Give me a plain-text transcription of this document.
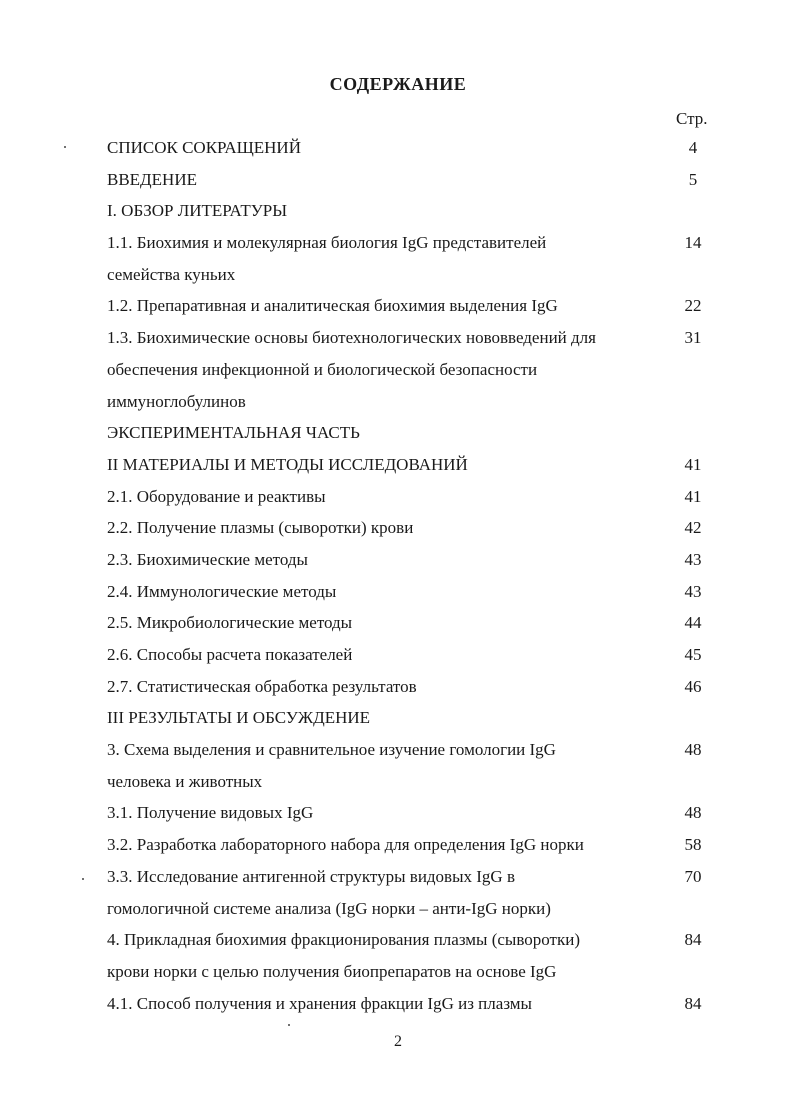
СОДЕРЖАНИЕ
Стр.
СПИСОК СОКРАЩЕНИЙ	4
ВВЕДЕНИЕ	5
I. ОБЗОР ЛИТЕРАТУРЫ
1.1. Биохимия и молекулярная биология IgG представителей	14
семейства куньих
1.2. Препаративная и аналитическая биохимия выделения IgG	22
1.3. Биохимические основы биотехнологических нововведений для	31
обеспечения инфекционной и биологической безопасности
иммуноглобулинов
ЭКСПЕРИМЕНТАЛЬНАЯ ЧАСТЬ
II МАТЕРИАЛЫ И МЕТОДЫ ИССЛЕДОВАНИЙ	41
2.1. Оборудование и реактивы	41
2.2. Получение плазмы (сыворотки) крови	42
2.3. Биохимические методы	43
2.4. Иммунологические методы	43
2.5. Микробиологические методы	44
2.6. Способы расчета показателей	45
2.7. Статистическая обработка результатов	46
III РЕЗУЛЬТАТЫ И ОБСУЖДЕНИЕ
3. Схема выделения и сравнительное изучение гомологии IgG	48
человека и животных
3.1. Получение видовых IgG	48
3.2. Разработка лабораторного набора для определения IgG норки	58
3.3. Исследование антигенной структуры видовых IgG в	70
гомологичной системе анализа (IgG норки – анти-IgG норки)
4. Прикладная биохимия фракционирования плазмы (сыворотки)	84
крови норки с целью получения биопрепаратов на основе IgG
4.1. Способ получения и хранения фракции IgG из плазмы	84
2
